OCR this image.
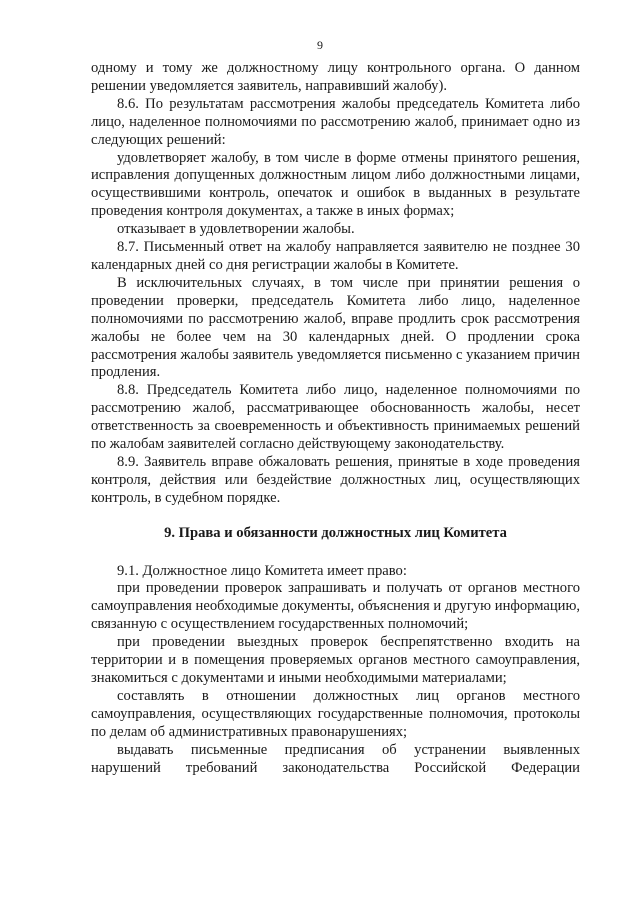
9

одному и тому же должностному лицу контрольного органа. О данном решении уведомляется заявитель, направивший жалобу).

8.6. По результатам рассмотрения жалобы председатель Комитета либо лицо, наделенное полномочиями по рассмотрению жалоб, принимает одно из следующих решений:

удовлетворяет жалобу, в том числе в форме отмены принятого решения, исправления допущенных должностным лицом либо должностными лицами, осуществившими контроль, опечаток и ошибок в выданных в результате проведения контроля документах, а также в иных формах;

отказывает в удовлетворении жалобы.

8.7. Письменный ответ на жалобу направляется заявителю не позднее 30 календарных дней со дня регистрации жалобы в Комитете.

В исключительных случаях, в том числе при принятии решения о проведении проверки, председатель Комитета либо лицо, наделенное полномочиями по рассмотрению жалоб, вправе продлить срок рассмотрения жалобы не более чем на 30 календарных дней. О продлении срока рассмотрения жалобы заявитель уведомляется письменно с указанием причин продления.

8.8. Председатель Комитета либо лицо, наделенное полномочиями по рассмотрению жалоб, рассматривающее обоснованность жалобы, несет ответственность за своевременность и объективность принимаемых решений по жалобам заявителей согласно действующему законодательству.

8.9. Заявитель вправе обжаловать решения, принятые в ходе проведения контроля, действия или бездействие должностных лиц, осуществляющих контроль, в судебном порядке.

9. Права и обязанности должностных лиц Комитета

9.1. Должностное лицо Комитета имеет право:

при проведении проверок запрашивать и получать от органов местного самоуправления необходимые документы, объяснения и другую информацию, связанную с осуществлением государственных полномочий;

при проведении выездных проверок беспрепятственно входить на территории и в помещения проверяемых органов местного самоуправления, знакомиться с документами и иными необходимыми материалами;

составлять в отношении должностных лиц органов местного самоуправления, осуществляющих государственные полномочия, протоколы по делам об административных правонарушениях;

выдавать письменные предписания об устранении выявленных нарушений требований законодательства Российской Федерации
